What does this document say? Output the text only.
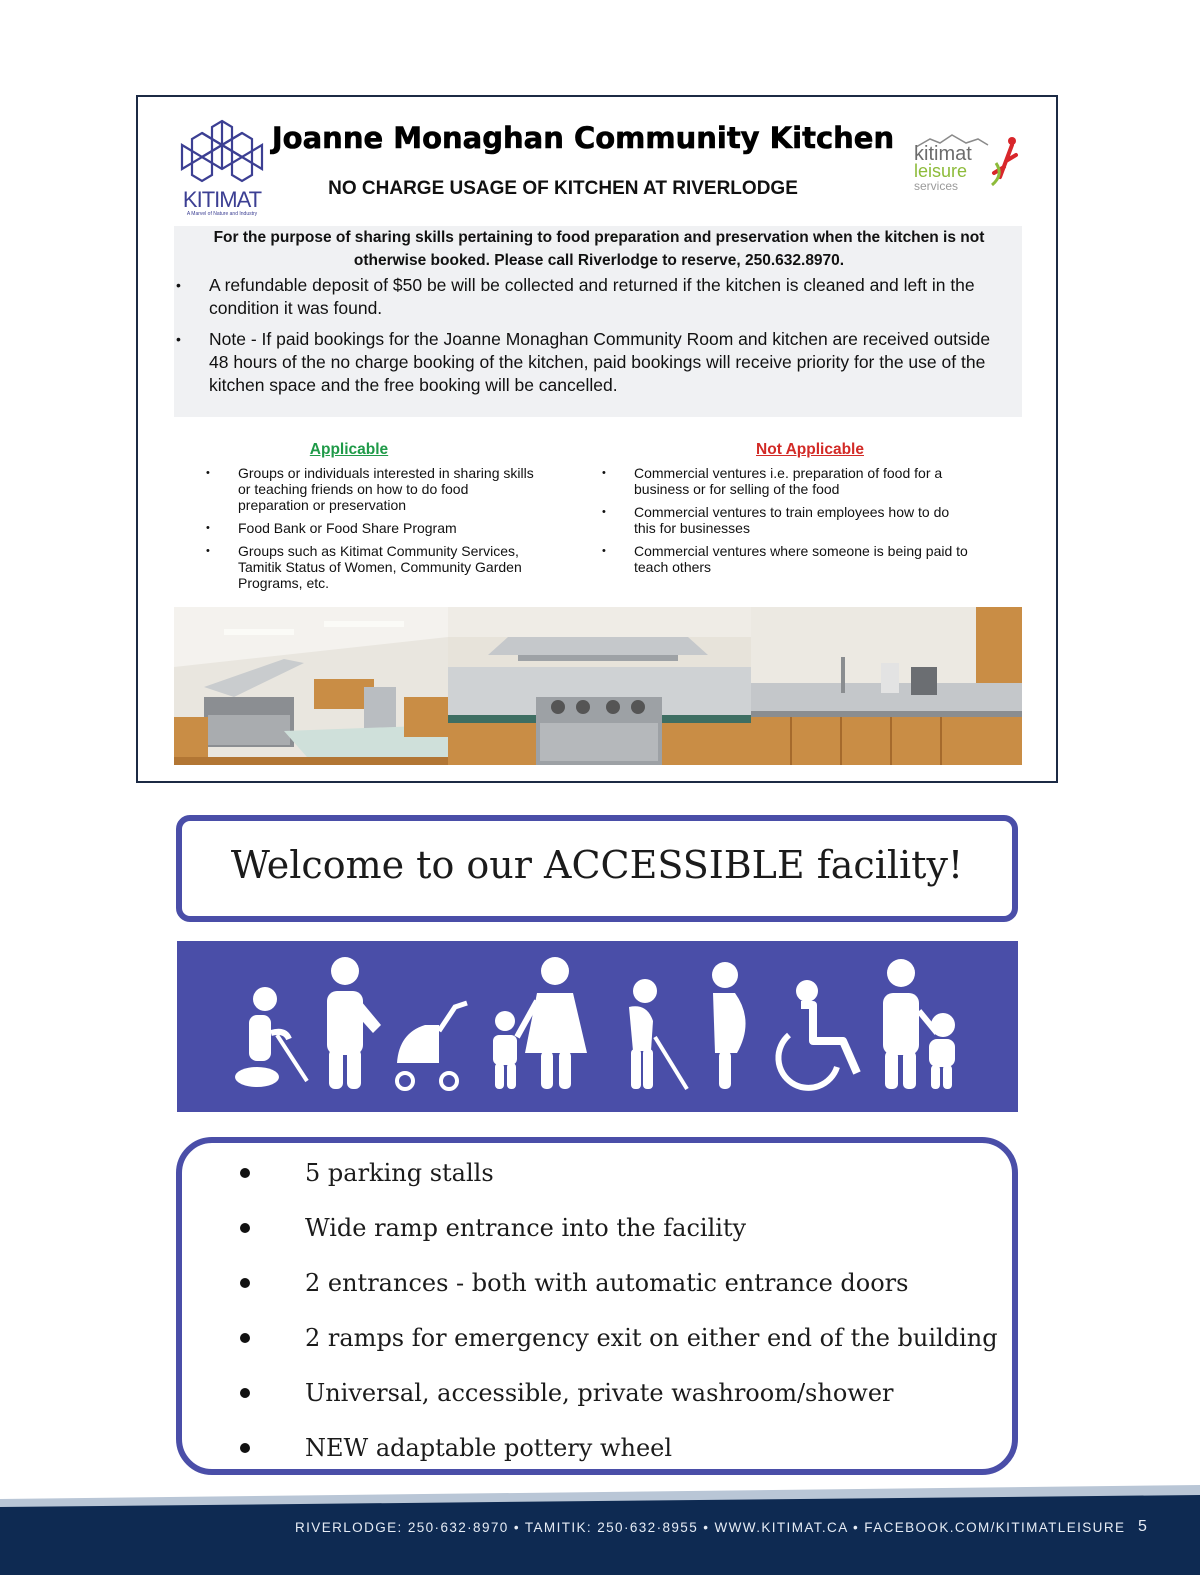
KITIMAT
A Marvel of Nature and Industry
Joanne Monaghan Community Kitchen
NO CHARGE USAGE OF KITCHEN AT RIVERLODGE
kitimat
leisure
services
For the purpose of sharing skills pertaining to food preparation and preservation when the kitchen is not otherwise booked. Please call Riverlodge to reserve, 250.632.8970.
• A refundable deposit of $50 be will be collected and returned if the kitchen is cleaned and left in the condition it was found.
• Note - If paid bookings for the Joanne Monaghan Community Room and kitchen are received outside 48 hours of the no charge booking of the kitchen, paid bookings will receive priority for the use of the kitchen space and the free booking will be cancelled.
Applicable
• Groups or individuals interested in sharing skills or teaching friends on how to do food preparation or preservation
• Food Bank or Food Share Program
• Groups such as Kitimat Community Services, Tamitik Status of Women, Community Garden Programs, etc.
Not Applicable
• Commercial ventures i.e. preparation of food for a business or for selling of the food
• Commercial ventures to train employees how to do this for businesses
• Commercial ventures where someone is being paid to teach others
Welcome to our ACCESSIBLE facility!
5 parking stalls
Wide ramp entrance into the facility
2 entrances - both with automatic entrance doors
2 ramps for emergency exit on either end of the building
Universal, accessible, private washroom/shower
NEW adaptable pottery wheel
RIVERLODGE: 250·632·8970 • TAMITIK: 250·632·8955 • WWW.KITIMAT.CA • FACEBOOK.COM/KITIMATLEISURE 5
